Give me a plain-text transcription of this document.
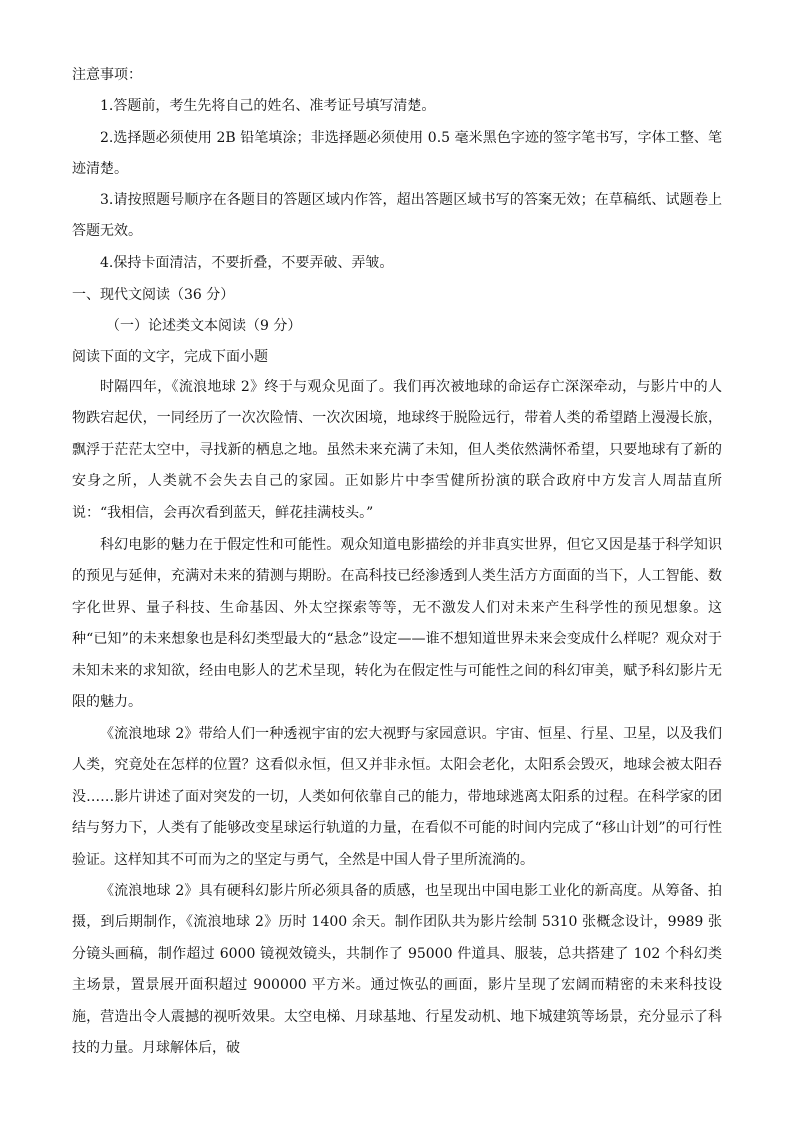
注意事项：

1.答题前，考生先将自己的姓名、准考证号填写清楚。

2.选择题必须使用 2B 铅笔填涂；非选择题必须使用 0.5 毫米黑色字迹的签字笔书写，字体工整、笔迹清楚。

3.请按照题号顺序在各题目的答题区域内作答，超出答题区域书写的答案无效；在草稿纸、试题卷上答题无效。

4.保持卡面清洁，不要折叠，不要弄破、弄皱。

一、现代文阅读（36 分）
（一）论述类文本阅读（9 分）
阅读下面的文字，完成下面小题

时隔四年，《流浪地球 2》终于与观众见面了。我们再次被地球的命运存亡深深牵动，与影片中的人物跌宕起伏，一同经历了一次次险情、一次次困境，地球终于脱险远行，带着人类的希望踏上漫漫长旅，飘浮于茫茫太空中，寻找新的栖息之地。虽然未来充满了未知，但人类依然满怀希望，只要地球有了新的安身之所，人类就不会失去自己的家园。正如影片中李雪健所扮演的联合政府中方发言人周喆直所说：“我相信，会再次看到蓝天，鲜花挂满枝头。”

科幻电影的魅力在于假定性和可能性。观众知道电影描绘的并非真实世界，但它又因是基于科学知识的预见与延伸，充满对未来的猜测与期盼。在高科技已经渗透到人类生活方方面面的当下，人工智能、数字化世界、量子科技、生命基因、外太空探索等等，无不激发人们对未来产生科学性的预见想象。这种“已知”的未来想象也是科幻类型最大的“悬念”设定——谁不想知道世界未来会变成什么样呢？观众对于未知未来的求知欲，经由电影人的艺术呈现，转化为在假定性与可能性之间的科幻审美，赋予科幻影片无限的魅力。

《流浪地球 2》带给人们一种透视宇宙的宏大视野与家园意识。宇宙、恒星、行星、卫星，以及我们人类，究竟处在怎样的位置？这看似永恒，但又并非永恒。太阳会老化，太阳系会毁灭，地球会被太阳吞没……影片讲述了面对突发的一切，人类如何依靠自己的能力，带地球逃离太阳系的过程。在科学家的团结与努力下，人类有了能够改变星球运行轨道的力量，在看似不可能的时间内完成了“移山计划”的可行性验证。这样知其不可而为之的坚定与勇气，全然是中国人骨子里所流淌的。

《流浪地球 2》具有硬科幻影片所必须具备的质感，也呈现出中国电影工业化的新高度。从筹备、拍摄，到后期制作，《流浪地球 2》历时 1400 余天。制作团队共为影片绘制 5310 张概念设计，9989 张分镜头画稿，制作超过 6000 镜视效镜头，共制作了 95000 件道具、服装，总共搭建了 102 个科幻类主场景，置景展开面积超过 900000 平方米。通过恢弘的画面，影片呈现了宏阔而精密的未来科技设施，营造出令人震撼的视听效果。太空电梯、月球基地、行星发动机、地下城建筑等场景，充分显示了科技的力量。月球解体后，破
